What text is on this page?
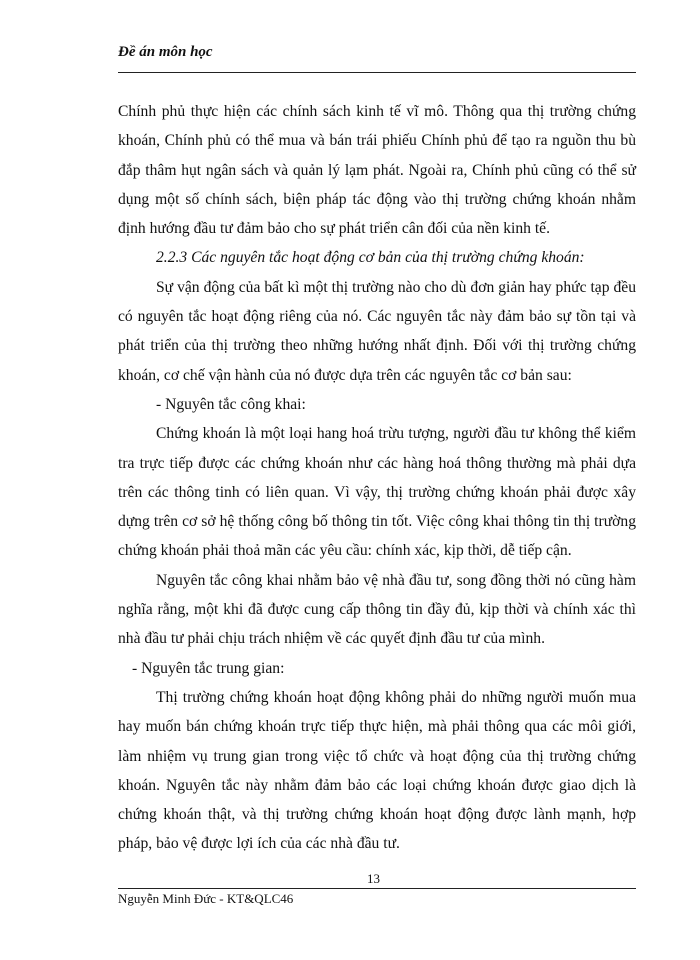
Đề án môn học

Chính phủ thực hiện các chính sách kinh tế vĩ mô. Thông qua thị trường chứng khoán, Chính phủ có thể mua và bán trái phiếu Chính phủ để tạo ra nguồn thu bù đắp thâm hụt ngân sách và quản lý lạm phát. Ngoài ra, Chính phủ cũng có thể sử dụng một số chính sách, biện pháp tác động vào thị trường chứng khoán nhằm định hướng đầu tư đảm bảo cho sự phát triển cân đối của nền kinh tế.

2.2.3 Các nguyên tắc hoạt động cơ bản của thị trường chứng khoán:

Sự vận động của bất kì một thị trường nào cho dù đơn giản hay phức tạp đều có nguyên tắc hoạt động riêng của nó. Các nguyên tắc này đảm bảo sự tồn tại và phát triển của thị trường theo những hướng nhất định. Đối với thị trường chứng khoán, cơ chế vận hành của nó được dựa trên các nguyên tắc cơ bản sau:

- Nguyên tắc công khai:

Chứng khoán là một loại hang hoá trừu tượng, người đầu tư không thể kiểm tra trực tiếp được các chứng khoán như các hàng hoá thông thường mà phải dựa trên các thông tinh có liên quan. Vì vậy, thị trường chứng khoán phải được xây dựng trên cơ sở hệ thống công bố thông tin tốt. Việc công khai thông tin thị trường chứng khoán phải thoả mãn các yêu cầu: chính xác, kịp thời, dễ tiếp cận.

Nguyên tắc công khai nhằm bảo vệ nhà đầu tư, song đồng thời nó cũng hàm nghĩa rằng, một khi đã được cung cấp thông tin đầy đủ, kịp thời và chính xác thì nhà đầu tư phải chịu trách nhiệm về các quyết định đầu tư của mình.

- Nguyên tắc trung gian:

Thị trường chứng khoán hoạt động không phải do những người muốn mua hay muốn bán chứng khoán trực tiếp thực hiện, mà phải thông qua các môi giới, làm nhiệm vụ trung gian trong việc tổ chức và hoạt động của thị trường chứng khoán. Nguyên tắc này nhằm đảm bảo các loại chứng khoán được giao dịch là chứng khoán thật, và thị trường chứng khoán hoạt động được lành mạnh, hợp pháp, bảo vệ được lợi ích của các nhà đầu tư.

13
Nguyễn Minh Đức - KT&QLC46
